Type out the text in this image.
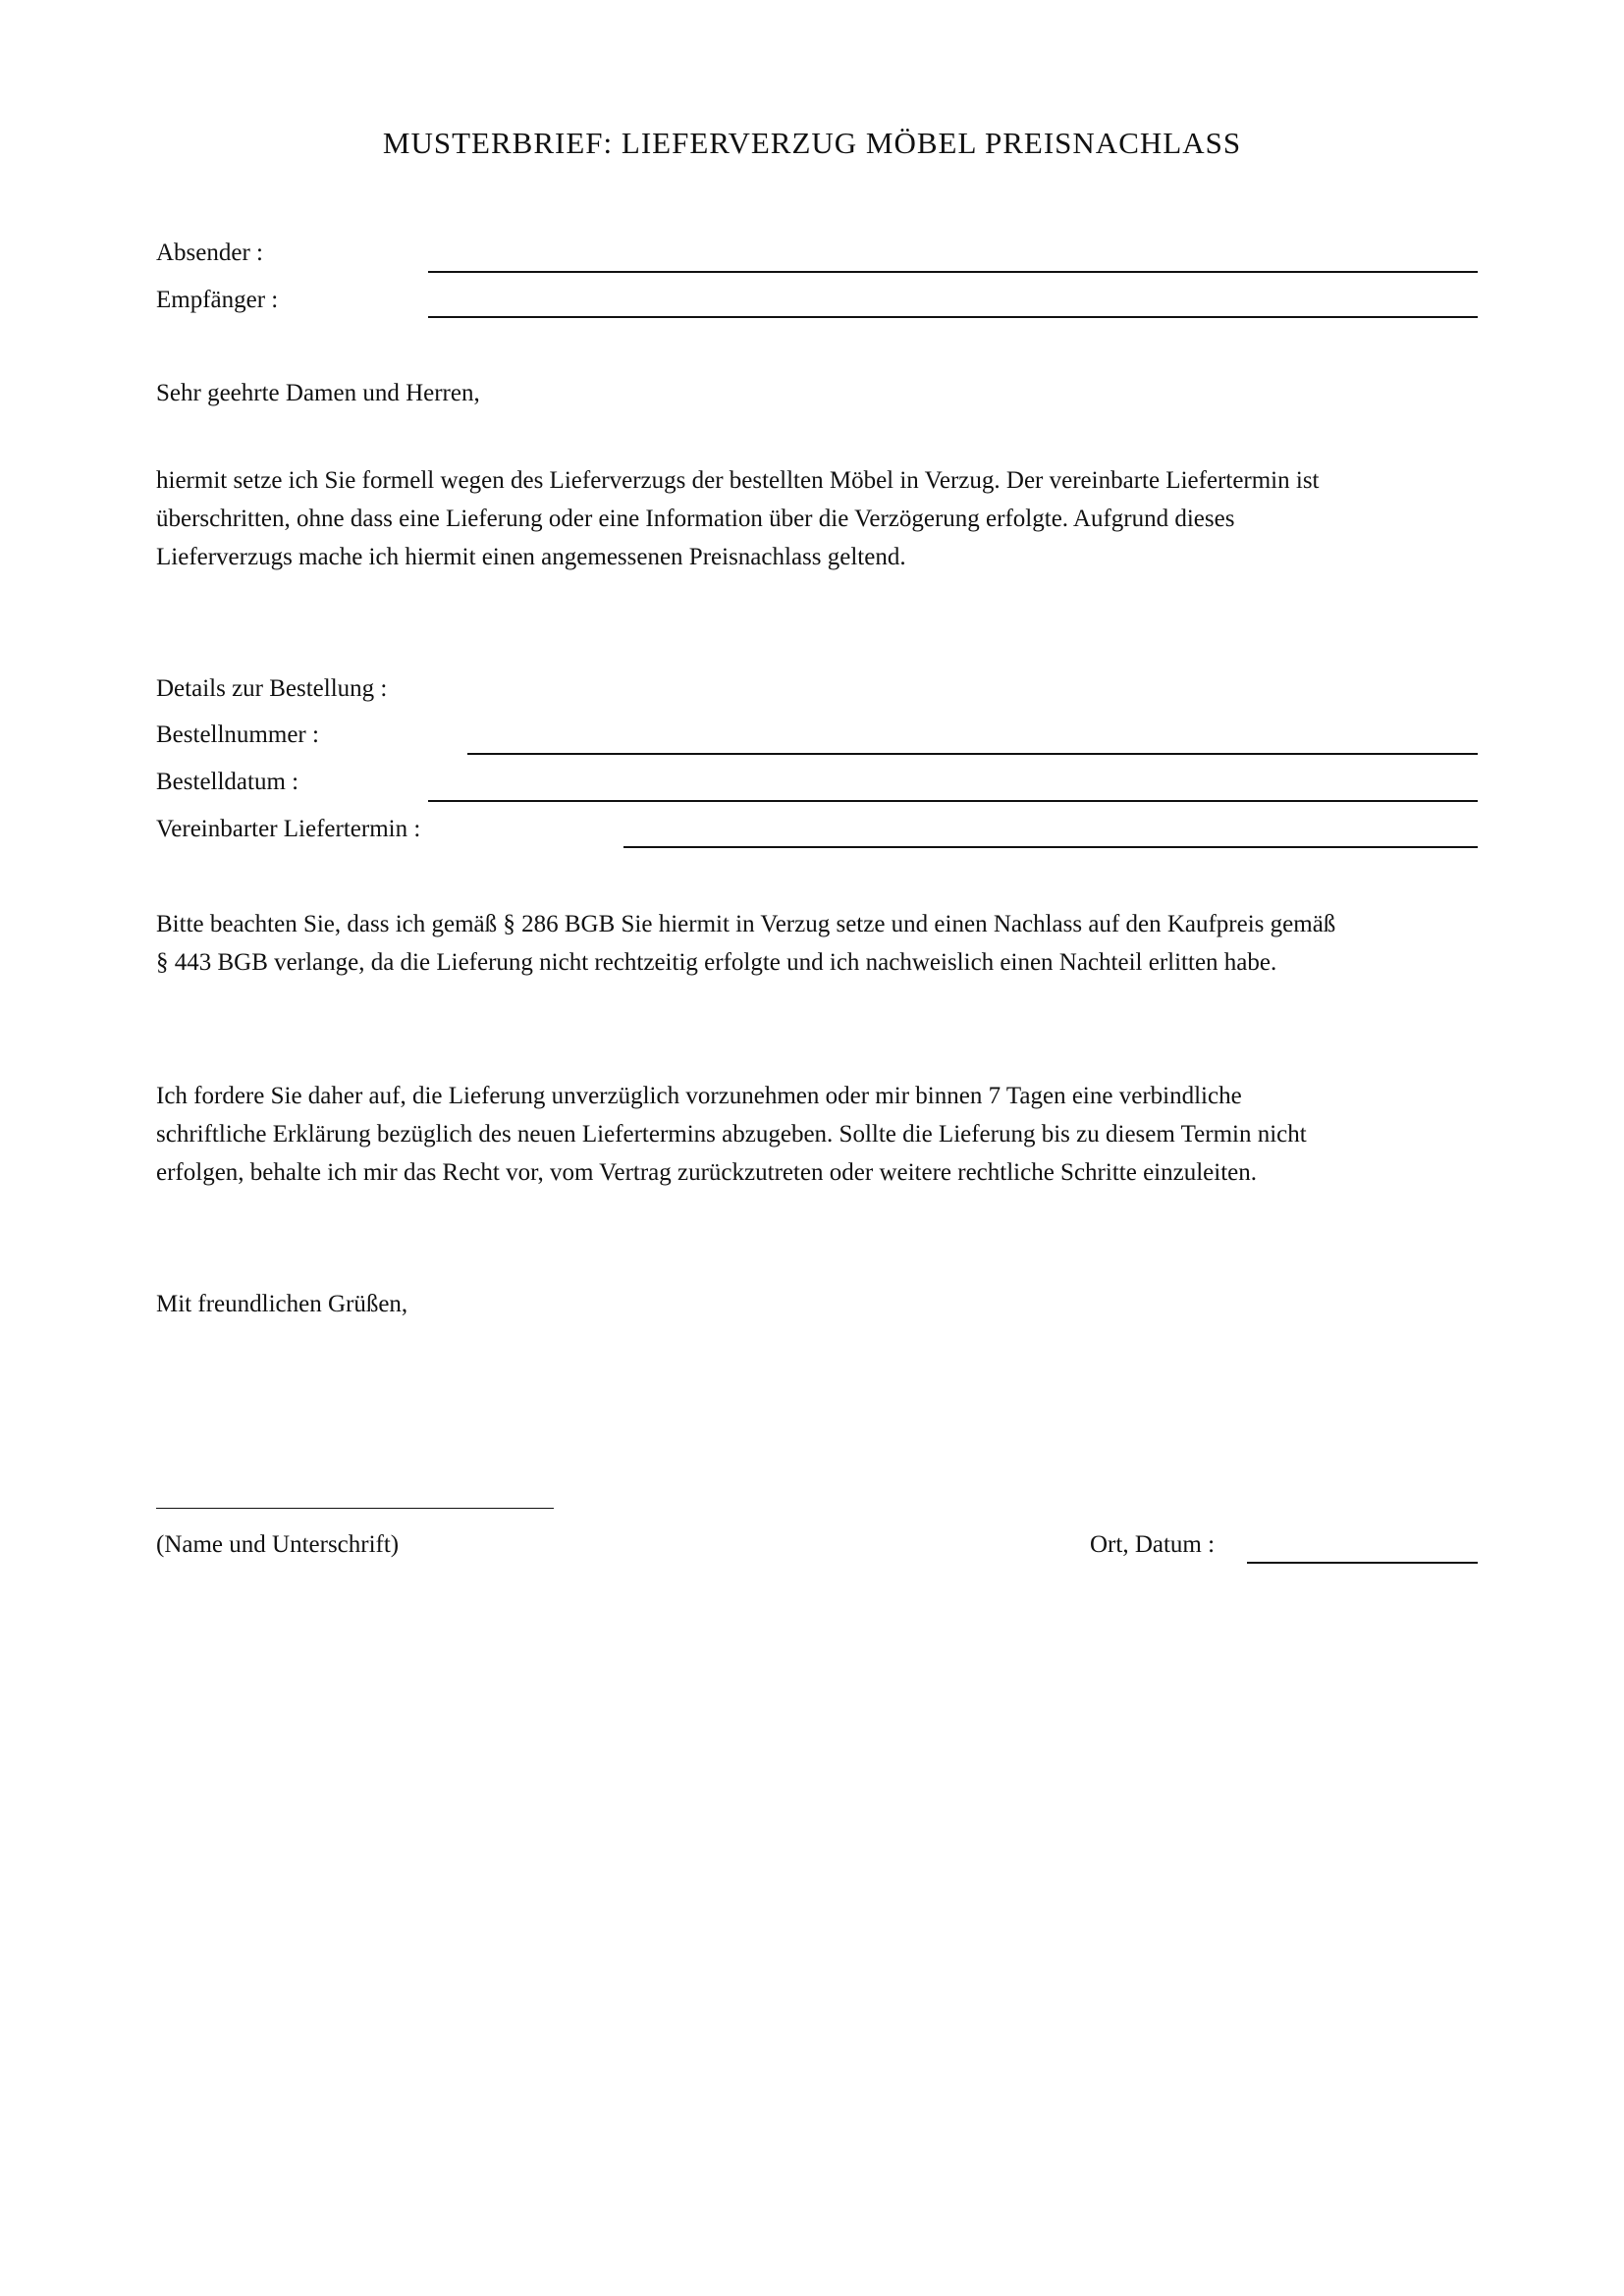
MUSTERBRIEF: LIEFERVERZUG MÖBEL PREISNACHLASS
Absender :
Empfänger :
Sehr geehrte Damen und Herren,
hiermit setze ich Sie formell wegen des Lieferverzugs der bestellten Möbel in Verzug. Der vereinbarte Liefertermin ist
überschritten, ohne dass eine Lieferung oder eine Information über die Verzögerung erfolgte. Aufgrund dieses
Lieferverzugs mache ich hiermit einen angemessenen Preisnachlass geltend.
Details zur Bestellung :
Bestellnummer :
Bestelldatum :
Vereinbarter Liefertermin :
Bitte beachten Sie, dass ich gemäß § 286 BGB Sie hiermit in Verzug setze und einen Nachlass auf den Kaufpreis gemäß
§ 443 BGB verlange, da die Lieferung nicht rechtzeitig erfolgte und ich nachweislich einen Nachteil erlitten habe.
Ich fordere Sie daher auf, die Lieferung unverzüglich vorzunehmen oder mir binnen 7 Tagen eine verbindliche
schriftliche Erklärung bezüglich des neuen Liefertermins abzugeben. Sollte die Lieferung bis zu diesem Termin nicht
erfolgen, behalte ich mir das Recht vor, vom Vertrag zurückzutreten oder weitere rechtliche Schritte einzuleiten.
Mit freundlichen Grüßen,
(Name und Unterschrift)	Ort, Datum :
